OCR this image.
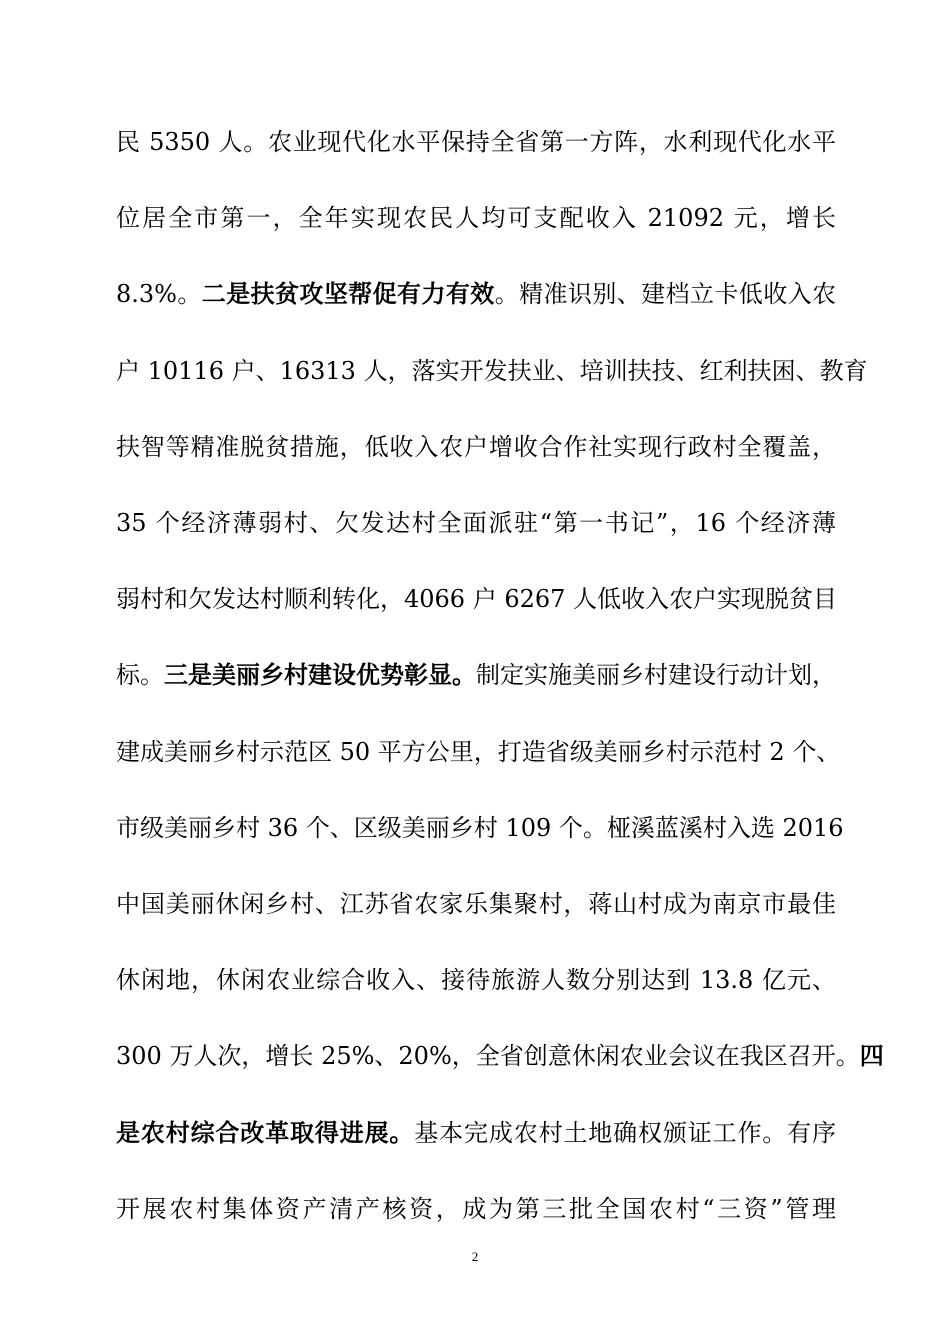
民 5350 人。农业现代化水平保持全省第一方阵，水利现代化水平
位居全市第一，全年实现农民人均可支配收入 21092 元，增长
8.3%。二是扶贫攻坚帮促有力有效。精准识别、建档立卡低收入农
户 10116 户、16313 人，落实开发扶业、培训扶技、红利扶困、教育
扶智等精准脱贫措施，低收入农户增收合作社实现行政村全覆盖，
35 个经济薄弱村、欠发达村全面派驻“第一书记”，16 个经济薄
弱村和欠发达村顺利转化，4066 户 6267 人低收入农户实现脱贫目
标。三是美丽乡村建设优势彰显。制定实施美丽乡村建设行动计划，
建成美丽乡村示范区 50 平方公里，打造省级美丽乡村示范村 2 个、
市级美丽乡村 36 个、区级美丽乡村 109 个。桠溪蓝溪村入选 2016
中国美丽休闲乡村、江苏省农家乐集聚村，蒋山村成为南京市最佳
休闲地，休闲农业综合收入、接待旅游人数分别达到 13.8 亿元、
300 万人次，增长 25%、20%，全省创意休闲农业会议在我区召开。四
是农村综合改革取得进展。基本完成农村土地确权颁证工作。有序
开展农村集体资产清产核资，成为第三批全国农村“三资”管理
2
